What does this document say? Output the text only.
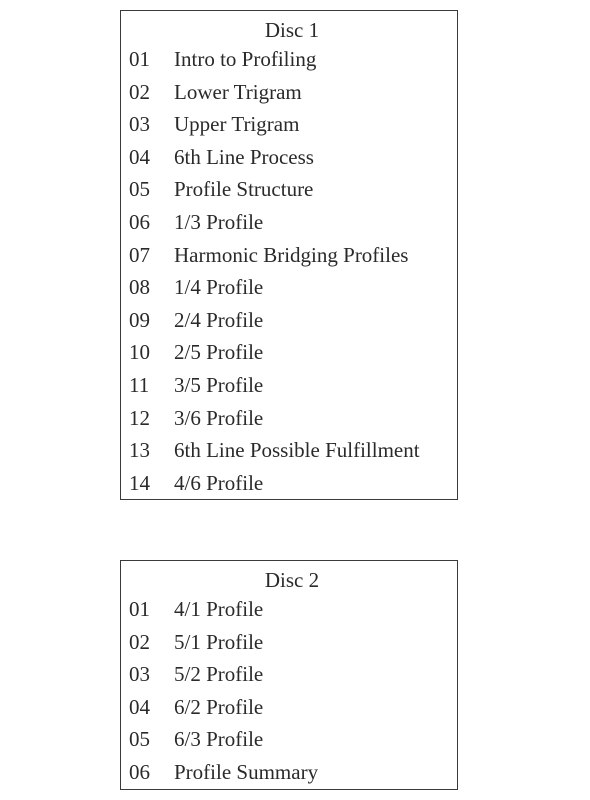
Disc 1
01 Intro to Profiling
02 Lower Trigram
03 Upper Trigram
04 6th Line Process
05 Profile Structure
06 1/3 Profile
07 Harmonic Bridging Profiles
08 1/4 Profile
09 2/4 Profile
10 2/5 Profile
11 3/5 Profile
12 3/6 Profile
13 6th Line Possible Fulfillment
14 4/6 Profile
Disc 2
01 4/1 Profile
02 5/1 Profile
03 5/2 Profile
04 6/2 Profile
05 6/3 Profile
06 Profile Summary
